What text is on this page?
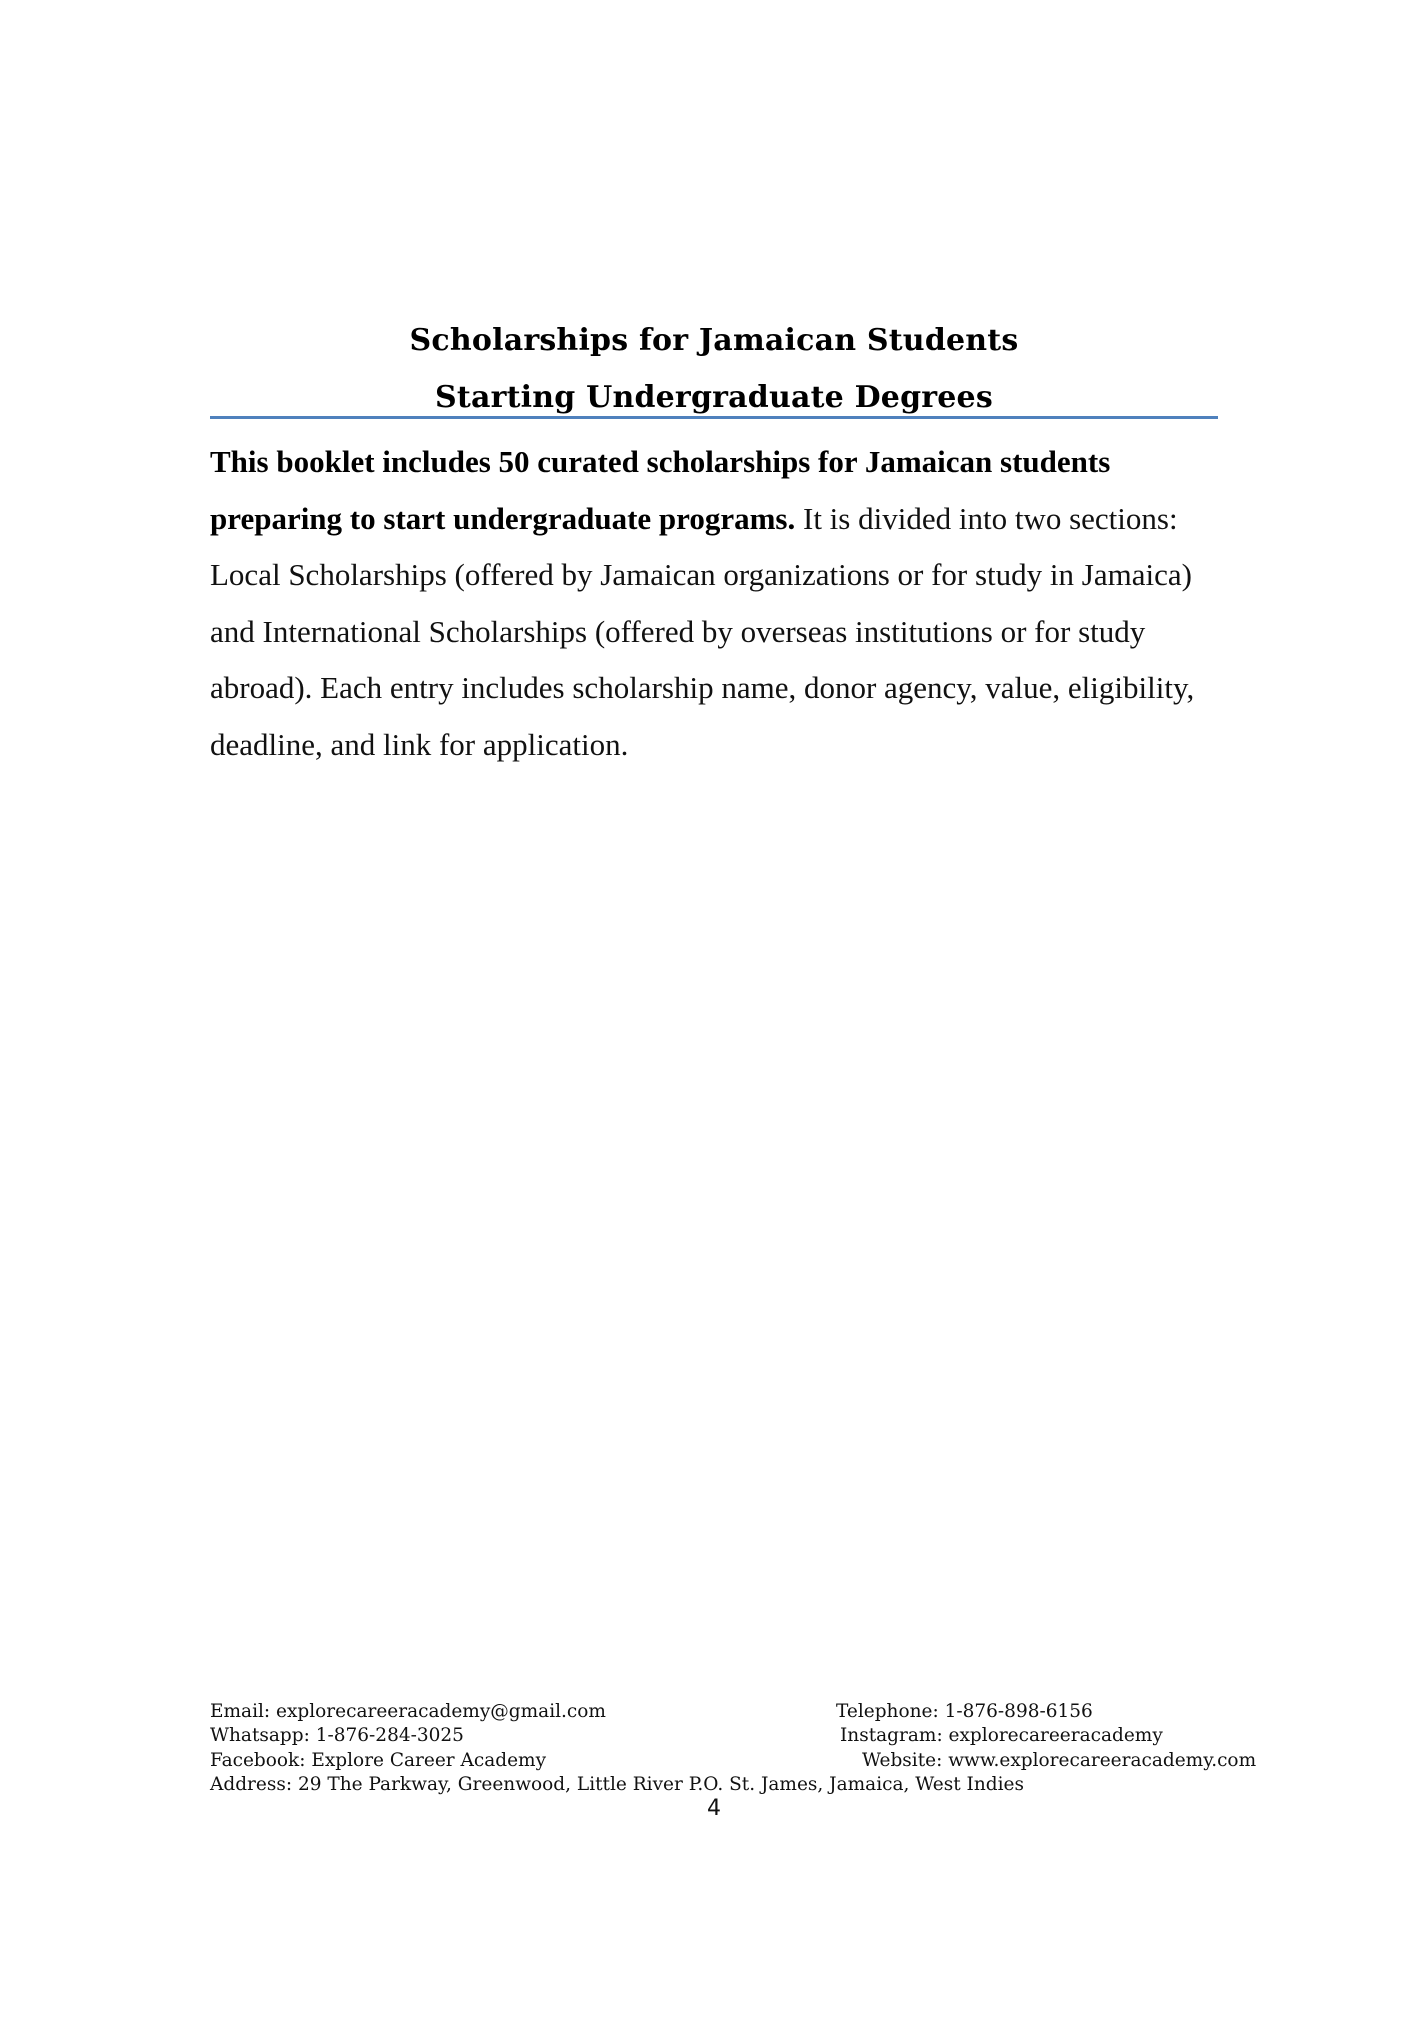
Scholarships for Jamaican Students
Starting Undergraduate Degrees
This booklet includes 50 curated scholarships for Jamaican students preparing to start undergraduate programs. It is divided into two sections: Local Scholarships (offered by Jamaican organizations or for study in Jamaica) and International Scholarships (offered by overseas institutions or for study abroad). Each entry includes scholarship name, donor agency, value, eligibility, deadline, and link for application.
Email: explorecareeracademy@gmail.com	Telephone: 1-876-898-6156
Whatsapp: 1-876-284-3025	Instagram: explorecareeracademy
Facebook: Explore Career Academy	Website: www.explorecareeracademy.com
Address: 29 The Parkway, Greenwood, Little River P.O. St. James, Jamaica, West Indies
4
